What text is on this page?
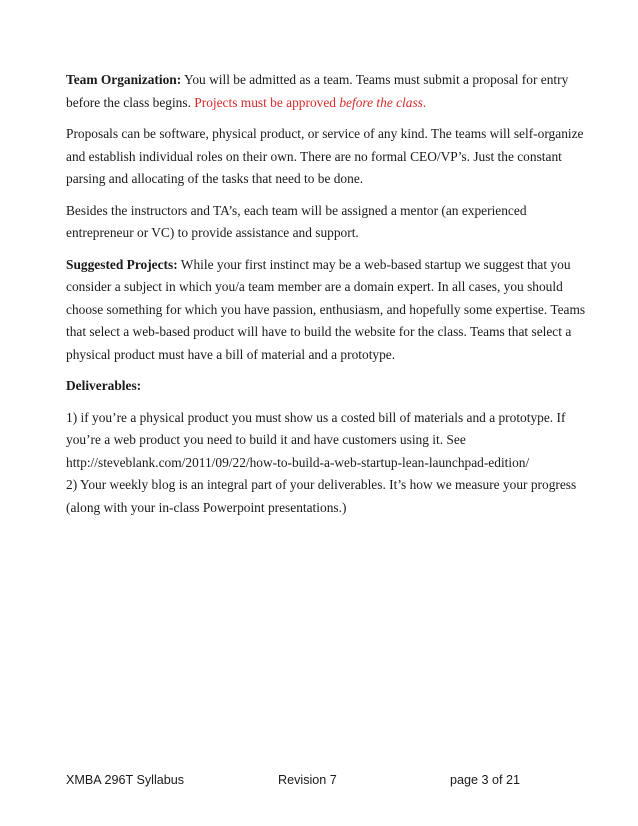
Team Organization: You will be admitted as a team. Teams must submit a proposal for entry before the class begins. Projects must be approved before the class.

Proposals can be software, physical product, or service of any kind. The teams will self-organize and establish individual roles on their own. There are no formal CEO/VP’s. Just the constant parsing and allocating of the tasks that need to be done.

Besides the instructors and TA’s, each team will be assigned a mentor (an experienced entrepreneur or VC) to provide assistance and support.

Suggested Projects: While your first instinct may be a web-based startup we suggest that you consider a subject in which you/a team member are a domain expert. In all cases, you should choose something for which you have passion, enthusiasm, and hopefully some expertise. Teams that select a web-based product will have to build the website for the class. Teams that select a physical product must have a bill of material and a prototype.

Deliverables:

1) if you’re a physical product you must show us a costed bill of materials and a prototype. If you’re a web product you need to build it and have customers using it. See
http://steveblank.com/2011/09/22/how-to-build-a-web-startup-lean-launchpad-edition/
2) Your weekly blog is an integral part of your deliverables. It’s how we measure your progress (along with your in-class Powerpoint presentations.)

XMBA 296T Syllabus	Revision 7	page 3 of 21
